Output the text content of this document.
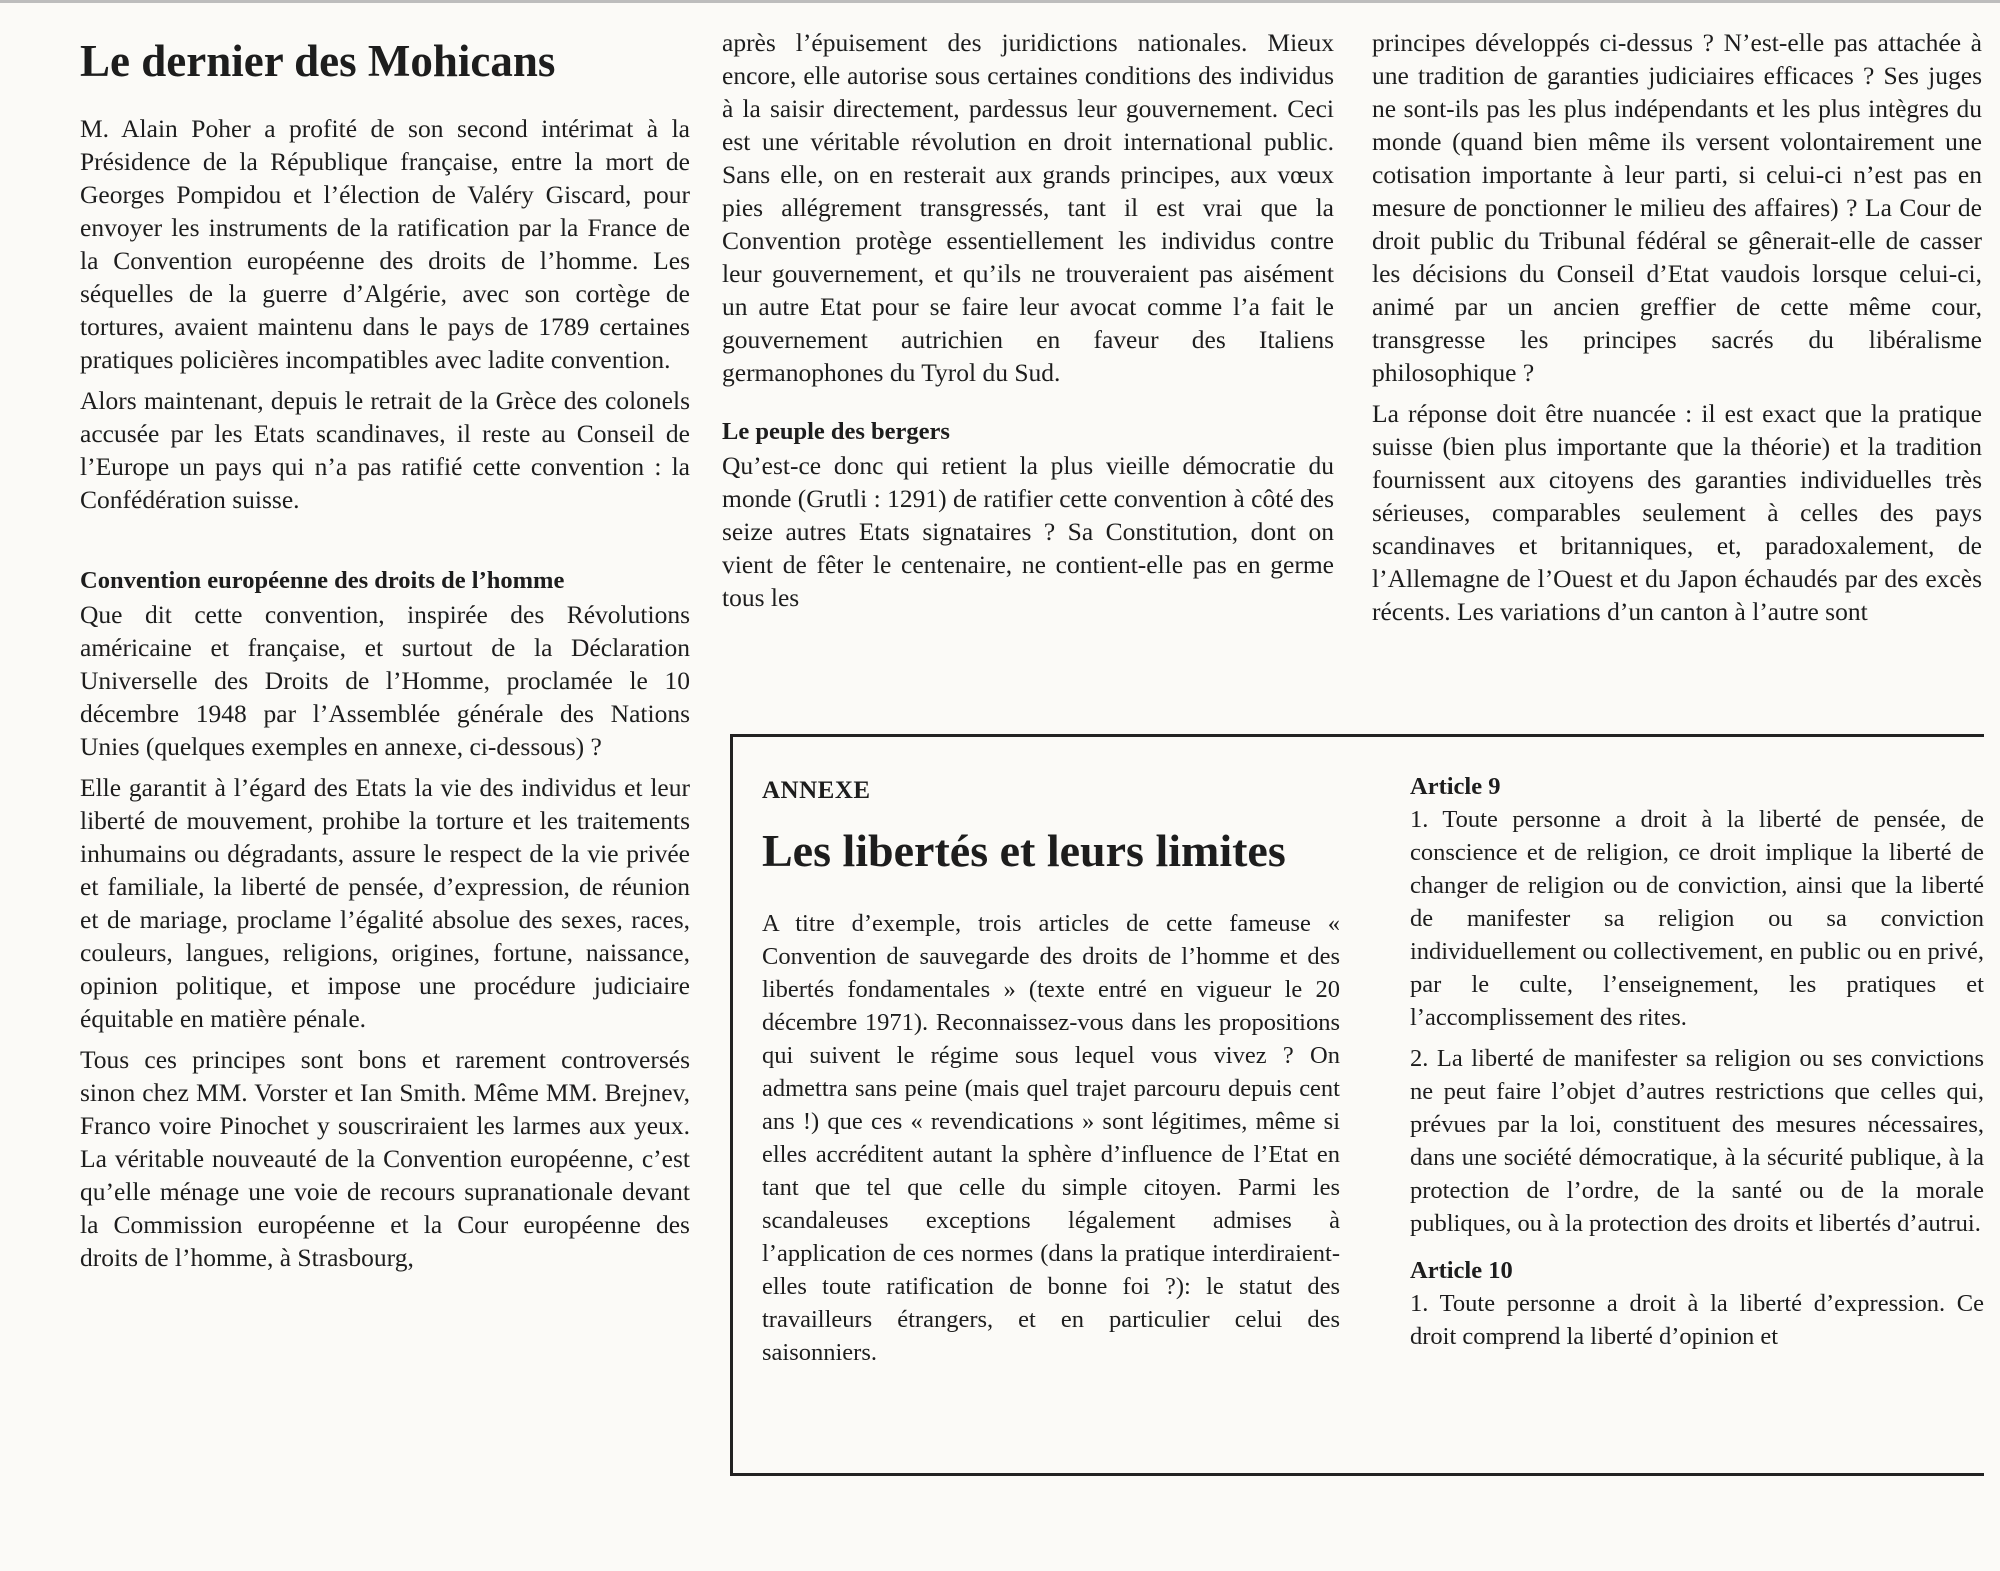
Le dernier des Mohicans

M. Alain Poher a profité de son second intérimat à la Présidence de la République française, entre la mort de Georges Pompidou et l’élection de Valéry Giscard, pour envoyer les instruments de la ratification par la France de la Convention européenne des droits de l’homme. Les séquelles de la guerre d’Algérie, avec son cortège de tortures, avaient maintenu dans le pays de 1789 certaines pratiques policières incompatibles avec ladite convention.

Alors maintenant, depuis le retrait de la Grèce des colonels accusée par les Etats scandinaves, il reste au Conseil de l’Europe un pays qui n’a pas ratifié cette convention : la Confédération suisse.

Convention européenne des droits de l’homme

Que dit cette convention, inspirée des Révolutions américaine et française, et surtout de la Déclaration Universelle des Droits de l’Homme, proclamée le 10 décembre 1948 par l’Assemblée générale des Nations Unies (quelques exemples en annexe, ci-dessous) ?

Elle garantit à l’égard des Etats la vie des individus et leur liberté de mouvement, prohibe la torture et les traitements inhumains ou dégradants, assure le respect de la vie privée et familiale, la liberté de pensée, d’expression, de réunion et de mariage, proclame l’égalité absolue des sexes, races, couleurs, langues, religions, origines, fortune, naissance, opinion politique, et impose une procédure judiciaire équitable en matière pénale.

Tous ces principes sont bons et rarement controversés sinon chez MM. Vorster et Ian Smith. Même MM. Brejnev, Franco voire Pinochet y souscriraient les larmes aux yeux. La véritable nouveauté de la Convention européenne, c’est qu’elle ménage une voie de recours supranationale devant la Commission européenne et la Cour européenne des droits de l’homme, à Strasbourg,

après l’épuisement des juridictions nationales. Mieux encore, elle autorise sous certaines conditions des individus à la saisir directement, pardessus leur gouvernement. Ceci est une véritable révolution en droit international public. Sans elle, on en resterait aux grands principes, aux vœux pies allégrement transgressés, tant il est vrai que la Convention protège essentiellement les individus contre leur gouvernement, et qu’ils ne trouveraient pas aisément un autre Etat pour se faire leur avocat comme l’a fait le gouvernement autrichien en faveur des Italiens germanophones du Tyrol du Sud.

Le peuple des bergers

Qu’est-ce donc qui retient la plus vieille démocratie du monde (Grutli : 1291) de ratifier cette convention à côté des seize autres Etats signataires ? Sa Constitution, dont on vient de fêter le centenaire, ne contient-elle pas en germe tous les

principes développés ci-dessus ? N’est-elle pas attachée à une tradition de garanties judiciaires efficaces ? Ses juges ne sont-ils pas les plus indépendants et les plus intègres du monde (quand bien même ils versent volontairement une cotisation importante à leur parti, si celui-ci n’est pas en mesure de ponctionner le milieu des affaires) ? La Cour de droit public du Tribunal fédéral se gênerait-elle de casser les décisions du Conseil d’Etat vaudois lorsque celui-ci, animé par un ancien greffier de cette même cour, transgresse les principes sacrés du libéralisme philosophique ?

La réponse doit être nuancée : il est exact que la pratique suisse (bien plus importante que la théorie) et la tradition fournissent aux citoyens des garanties individuelles très sérieuses, comparables seulement à celles des pays scandinaves et britanniques, et, paradoxalement, de l’Allemagne de l’Ouest et du Japon échaudés par des excès récents. Les variations d’un canton à l’autre sont

ANNEXE
Les libertés et leurs limites
A titre d’exemple, trois articles de cette fameuse « Convention de sauvegarde des droits de l’homme et des libertés fondamentales » (texte entré en vigueur le 20 décembre 1971). Reconnaissez-vous dans les propositions qui suivent le régime sous lequel vous vivez ? On admettra sans peine (mais quel trajet parcouru depuis cent ans !) que ces « revendications » sont légitimes, même si elles accréditent autant la sphère d’influence de l’Etat en tant que tel que celle du simple citoyen. Parmi les scandaleuses exceptions légalement admises à l’application de ces normes (dans la pratique interdiraient-elles toute ratification de bonne foi ?): le statut des travailleurs étrangers, et en particulier celui des saisonniers.
Article 9

1. Toute personne a droit à la liberté de pensée, de conscience et de religion, ce droit implique la liberté de changer de religion ou de conviction, ainsi que la liberté de manifester sa religion ou sa conviction individuellement ou collectivement, en public ou en privé, par le culte, l’enseignement, les pratiques et l’accomplissement des rites.

2. La liberté de manifester sa religion ou ses convictions ne peut faire l’objet d’autres restrictions que celles qui, prévues par la loi, constituent des mesures nécessaires, dans une société démocratique, à la sécurité publique, à la protection de l’ordre, de la santé ou de la morale publiques, ou à la protection des droits et libertés d’autrui.

Article 10

1. Toute personne a droit à la liberté d’expression. Ce droit comprend la liberté d’opinion et
